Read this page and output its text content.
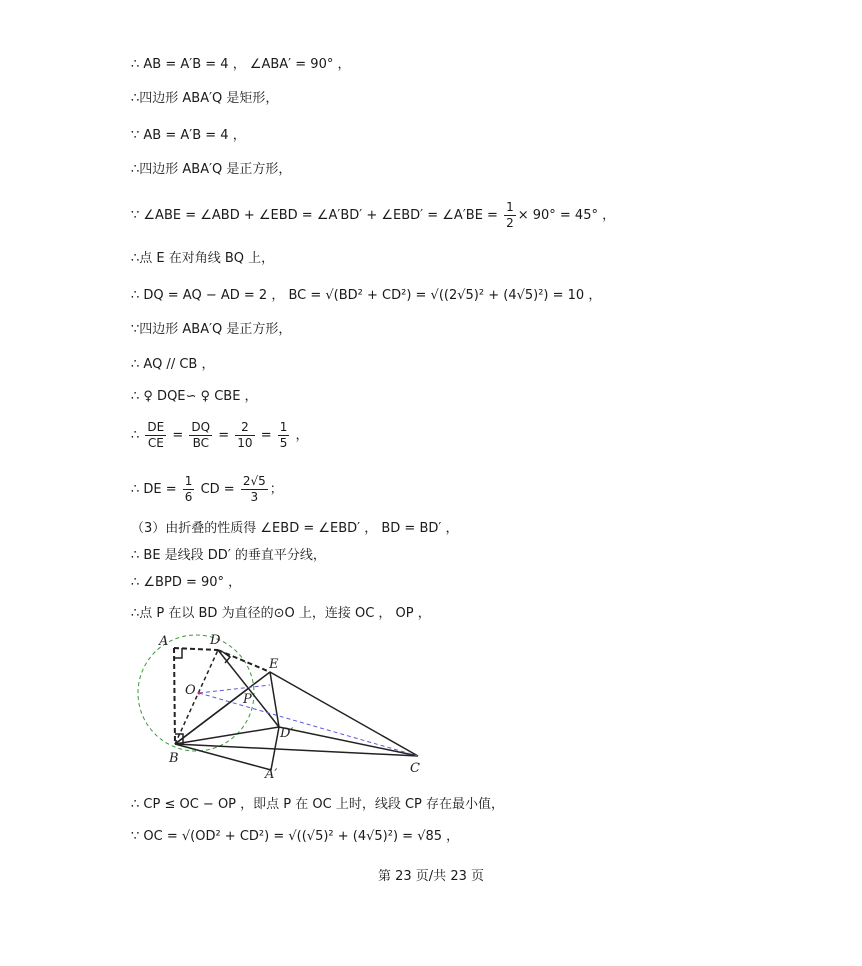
∴ AB = A′B = 4 ， ∠ABA′ = 90° ，
∴四边形 ABA′Q 是矩形，
∵ AB = A′B = 4 ，
∴四边形 ABA′Q 是正方形，
∵ ∠ABE = ∠ABD + ∠EBD = ∠A′BD′ + ∠EBD′ = ∠A′BE = $\frac{1}{2} \times 90^\circ = 45^\circ$ ，
∴点 E 在对角线 BQ 上，
∴ DQ = AQ − AD = 2 ， BC = √(BD² + CD²) = √((2√5)² + (4√5)²) = 10 ，
∵四边形 ABA′Q 是正方形，
∴ AQ // CB ，
∴ ♀ DQE∽ ♀ CBE ，
∴ $\frac{DE}{CE} = \frac{DQ}{BC} = \frac{2}{10} = \frac{1}{5}$ ，
∴ DE = $\frac{1}{6}$ CD = $\frac{2√5}{3}$ ；
（3）由折叠的性质得 ∠EBD = ∠EBD′ ， BD = BD′ ，
∴ BE 是线段 DD′ 的垂直平分线，
∴ ∠BPD = 90° ，
∴点 P 在以 BD 为直径的⊙O 上，连接 OC ， OP ，
A	D
E
O
P
D′
B
A′	C
∴ CP ≤ OC − OP ，即点 P 在 OC 上时，线段 CP 存在最小值，
∵ OC = √(OD² + CD²) = √((√5)² + (4√5)²) = √85 ，
第 23 页/共 23 页
